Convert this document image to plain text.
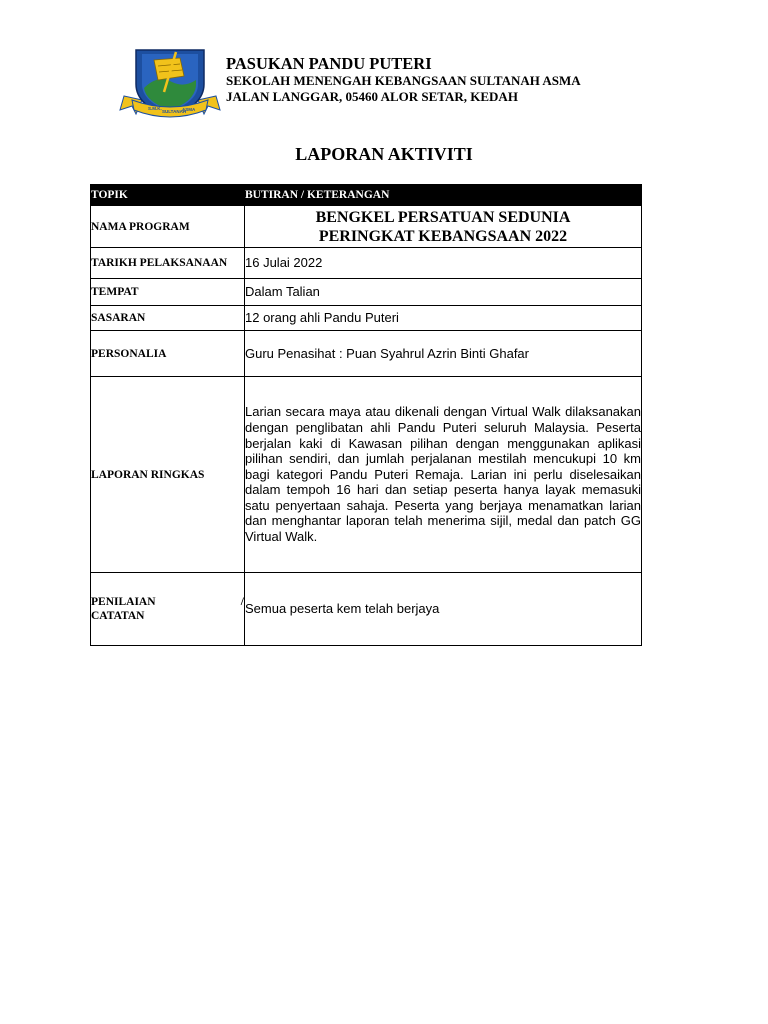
S.M.K.
SULTANAH
ASMA
PASUKAN PANDU PUTERI
SEKOLAH MENENGAH KEBANGSAAN SULTANAH ASMA
JALAN LANGGAR, 05460 ALOR SETAR, KEDAH
LAPORAN AKTIVITI
TOPIK	BUTIRAN / KETERANGAN
NAMA PROGRAM	BENGKEL PERSATUAN SEDUNIA
PERINGKAT KEBANGSAAN 2022

TARIKH PELAKSANAAN	16 Julai 2022
TEMPAT	Dalam Talian
SASARAN	12 orang ahli Pandu Puteri
PERSONALIA	Guru Penasihat : Puan Syahrul Azrin Binti Ghafar
LAPORAN RINGKAS	Larian secara maya atau dikenali dengan Virtual Walk dilaksanakan dengan penglibatan ahli Pandu Puteri seluruh Malaysia. Peserta berjalan kaki di Kawasan pilihan dengan menggunakan aplikasi pilihan sendiri, dan jumlah perjalanan mestilah mencukupi 10 km bagi kategori Pandu Puteri Remaja. Larian ini perlu diselesaikan dalam tempoh 16 hari dan setiap peserta hanya layak memasuki satu penyertaan sahaja. Peserta yang berjaya menamatkan larian dan menghantar laporan telah menerima sijil, medal dan patch GG Virtual Walk.

PENILAIAN /
CATATAN	Semua peserta kem telah berjaya
